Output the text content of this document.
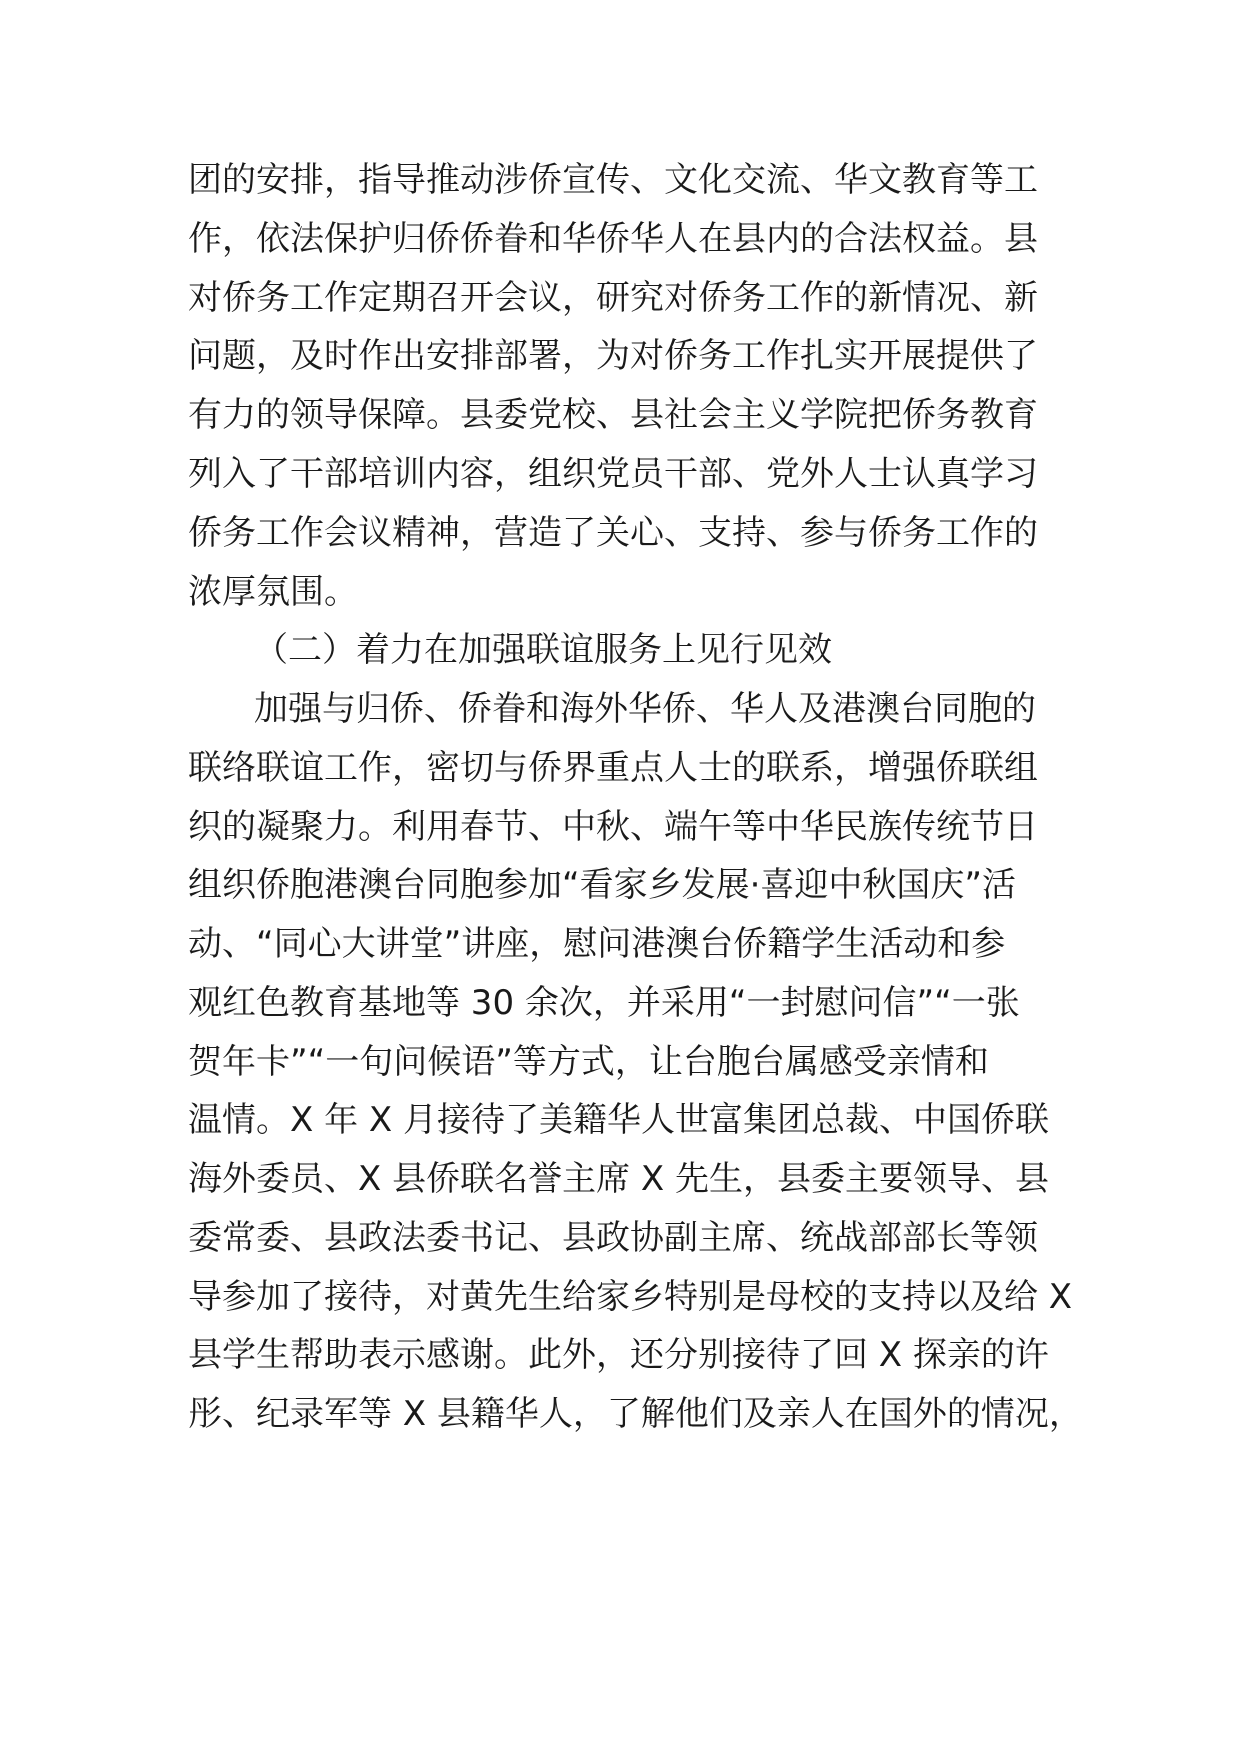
团的安排，指导推动涉侨宣传、文化交流、华文教育等工
作，依法保护归侨侨眷和华侨华人在县内的合法权益。县
对侨务工作定期召开会议，研究对侨务工作的新情况、新
问题，及时作出安排部署，为对侨务工作扎实开展提供了
有力的领导保障。县委党校、县社会主义学院把侨务教育
列入了干部培训内容，组织党员干部、党外人士认真学习
侨务工作会议精神，营造了关心、支持、参与侨务工作的
浓厚氛围。
（二）着力在加强联谊服务上见行见效
加强与归侨、侨眷和海外华侨、华人及港澳台同胞的
联络联谊工作，密切与侨界重点人士的联系，增强侨联组
织的凝聚力。利用春节、中秋、端午等中华民族传统节日
组织侨胞港澳台同胞参加“看家乡发展·喜迎中秋国庆”活
动、“同心大讲堂”讲座，慰问港澳台侨籍学生活动和参
观红色教育基地等 30 余次，并采用“一封慰问信”“一张
贺年卡”“一句问候语”等方式，让台胞台属感受亲情和
温情。X 年 X 月接待了美籍华人世富集团总裁、中国侨联
海外委员、X 县侨联名誉主席 X 先生，县委主要领导、县
委常委、县政法委书记、县政协副主席、统战部部长等领
导参加了接待，对黄先生给家乡特别是母校的支持以及给 X
县学生帮助表示感谢。此外，还分别接待了回 X 探亲的许
彤、纪录军等 X 县籍华人，了解他们及亲人在国外的情况，
